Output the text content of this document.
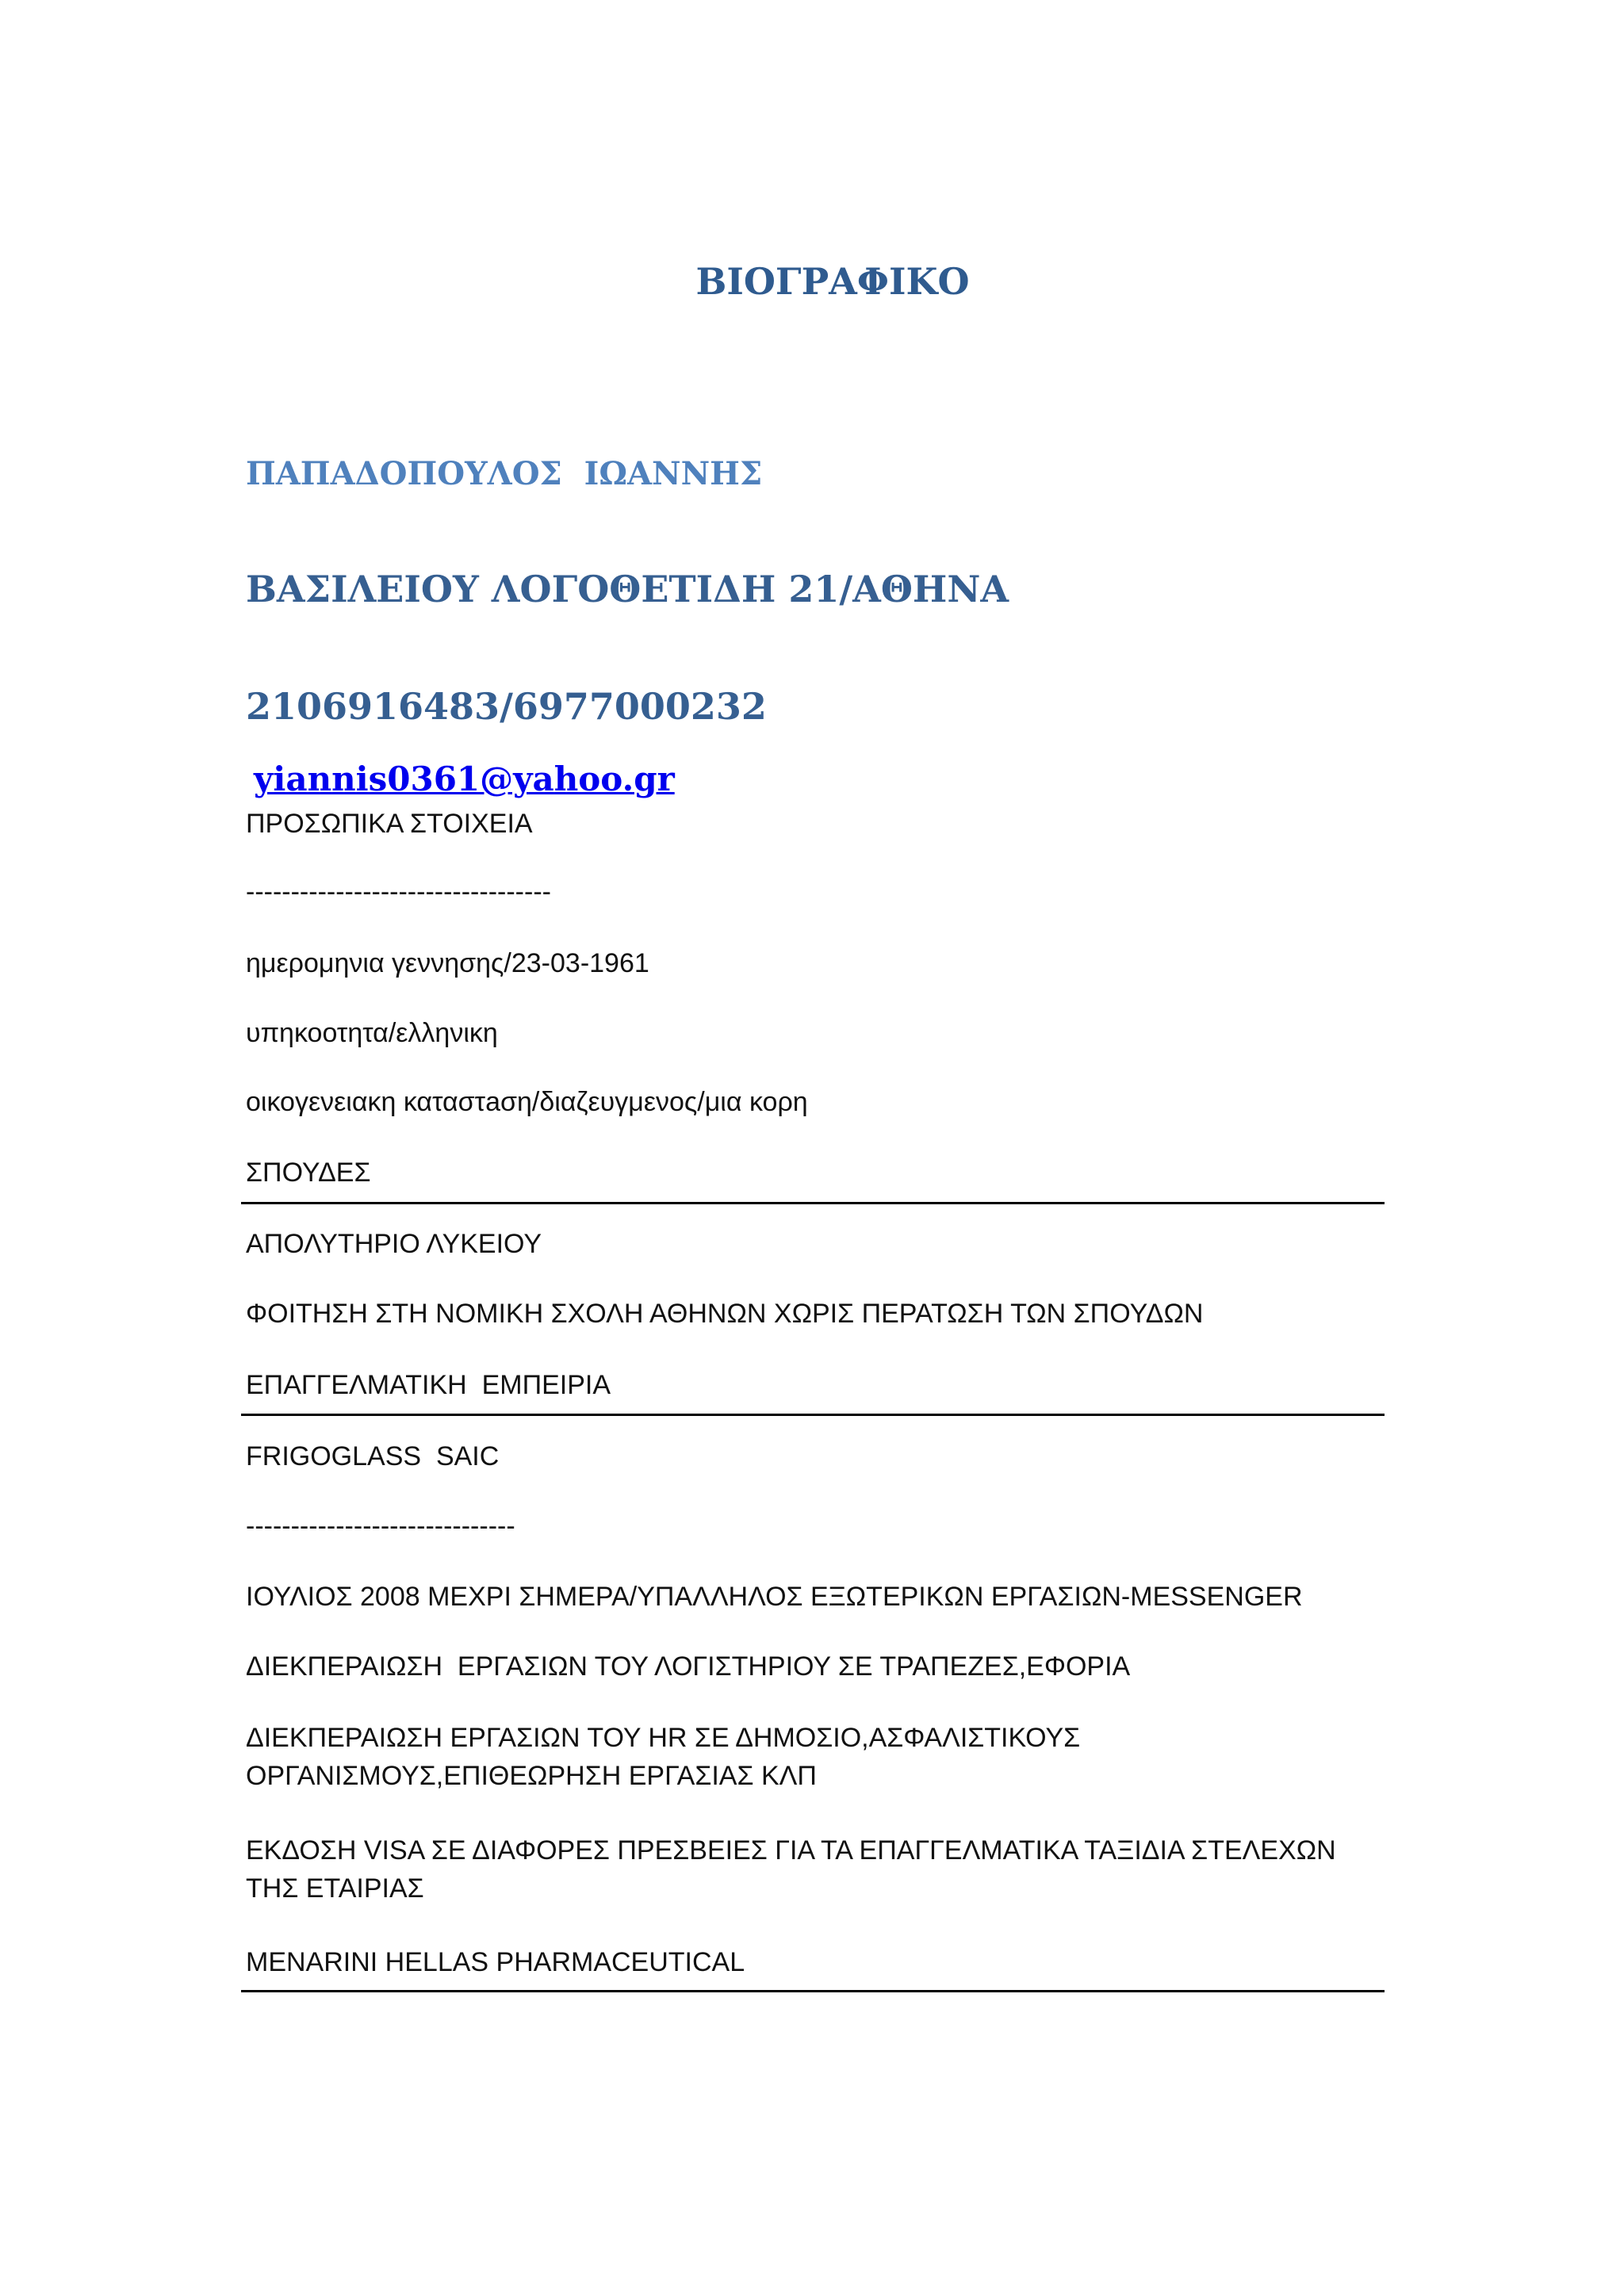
ΒΙΟΓΡΑΦΙΚΟ
ΠΑΠΑΔΟΠΟΥΛΟΣ  ΙΩΑΝΝΗΣ
ΒΑΣΙΛΕΙΟΥ ΛΟΓΟΘΕΤΙΔΗ 21/ΑΘΗΝΑ
2106916483/6977000232
yiannis0361@yahoo.gr
ΠΡΟΣΩΠΙΚΑ ΣΤΟΙΧΕΙΑ
----------------------------------
ημερομηνια γεννησης/23-03-1961
υπηκοοτητα/ελληνικη
οικογενειακη καταστaση/διαζευγμενος/μια κορη
ΣΠΟΥΔΕΣ
ΑΠΟΛΥΤΗΡΙΟ ΛΥΚΕΙΟΥ
ΦΟΙΤΗΣΗ ΣΤΗ ΝΟΜΙΚΗ ΣΧΟΛΗ ΑΘΗΝΩΝ ΧΩΡΙΣ ΠΕΡΑΤΩΣΗ ΤΩΝ ΣΠΟΥΔΩΝ
ΕΠΑΓΓΕΛΜΑΤΙΚΗ  ΕΜΠΕΙΡΙΑ
FRIGOGLASS  SAIC
------------------------------
ΙΟΥΛΙΟΣ 2008 ΜΕΧΡΙ ΣΗΜΕΡΑ/ΥΠΑΛΛΗΛΟΣ ΕΞΩΤΕΡΙΚΩΝ ΕΡΓΑΣΙΩΝ-MESSENGER
ΔΙΕΚΠΕΡΑΙΩΣΗ  ΕΡΓΑΣΙΩΝ ΤΟΥ ΛΟΓΙΣΤΗΡΙΟΥ ΣΕ ΤΡΑΠΕΖΕΣ,ΕΦΟΡΙΑ
ΔΙΕΚΠΕΡΑΙΩΣΗ ΕΡΓΑΣΙΩΝ ΤΟΥ HR ΣΕ ΔΗΜΟΣΙΟ,ΑΣΦΑΛΙΣΤΙΚΟΥΣ ΟΡΓΑΝΙΣΜΟΥΣ,ΕΠΙΘΕΩΡΗΣΗ ΕΡΓΑΣΙΑΣ ΚΛΠ
ΕΚΔΟΣΗ VISA ΣΕ ΔΙΑΦΟΡΕΣ ΠΡΕΣΒΕΙΕΣ ΓΙΑ ΤΑ ΕΠΑΓΓΕΛΜΑΤΙΚΑ ΤΑΞΙΔΙΑ ΣΤΕΛΕΧΩΝ ΤΗΣ ΕΤΑΙΡΙΑΣ
MENARINI HELLAS PHARMACEUTICAL
